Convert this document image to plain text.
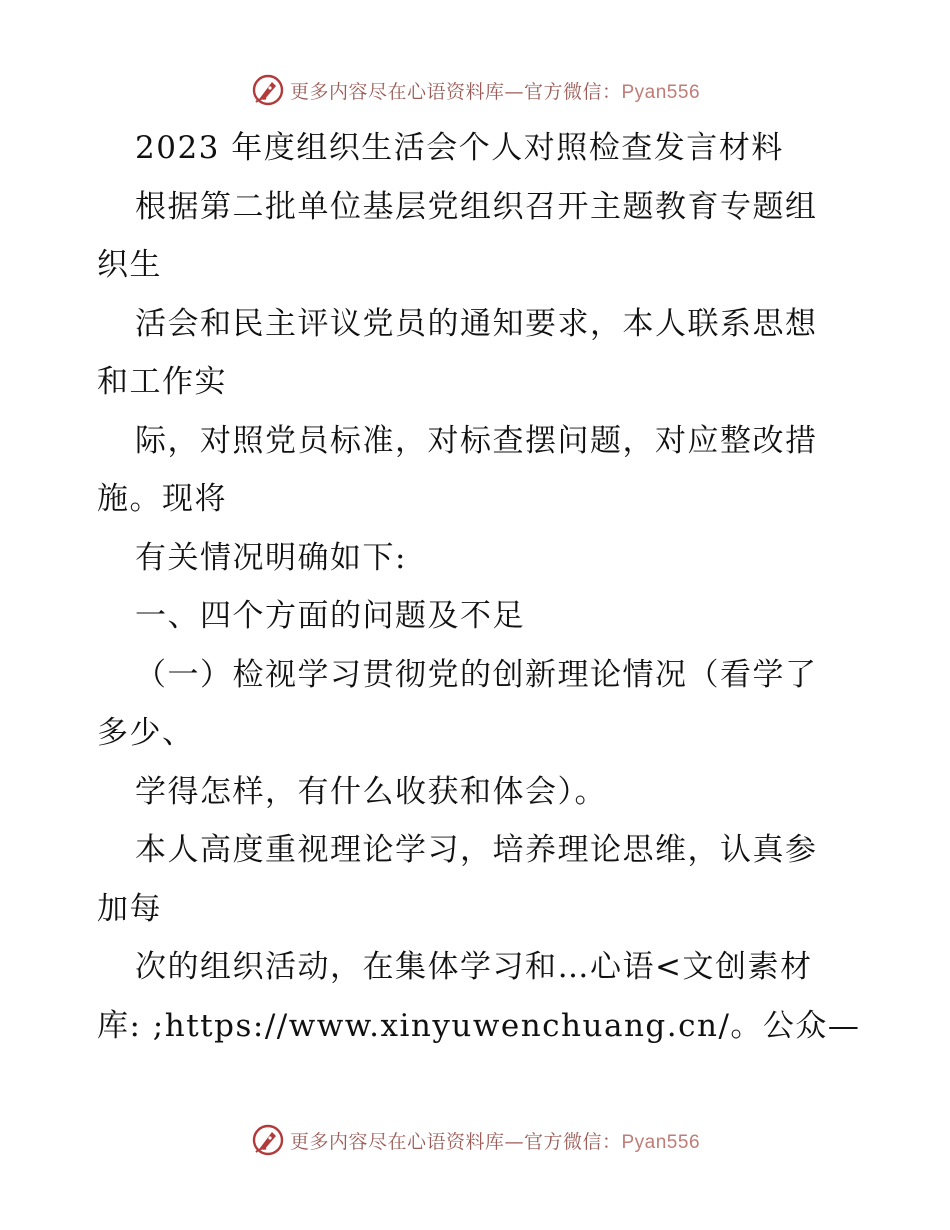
更多内容尽在心语资料库—官方微信：Pyan556
2023 年度组织生活会个人对照检查发言材料
根据第二批单位基层党组织召开主题教育专题组
织生
活会和民主评议党员的通知要求，本人联系思想
和工作实
际，对照党员标准，对标查摆问题，对应整改措
施。现将
有关情况明确如下:
一、四个方面的问题及不足
（一）检视学习贯彻党的创新理论情况（看学了
多少、
学得怎样，有什么收获和体会）。
本人高度重视理论学习，培养理论思维，认真参
加每
次的组织活动，在集体学习和…心语<文创素材
库: ;https://www.xinyuwenchuang.cn/。公众—
更多内容尽在心语资料库—官方微信：Pyan556
